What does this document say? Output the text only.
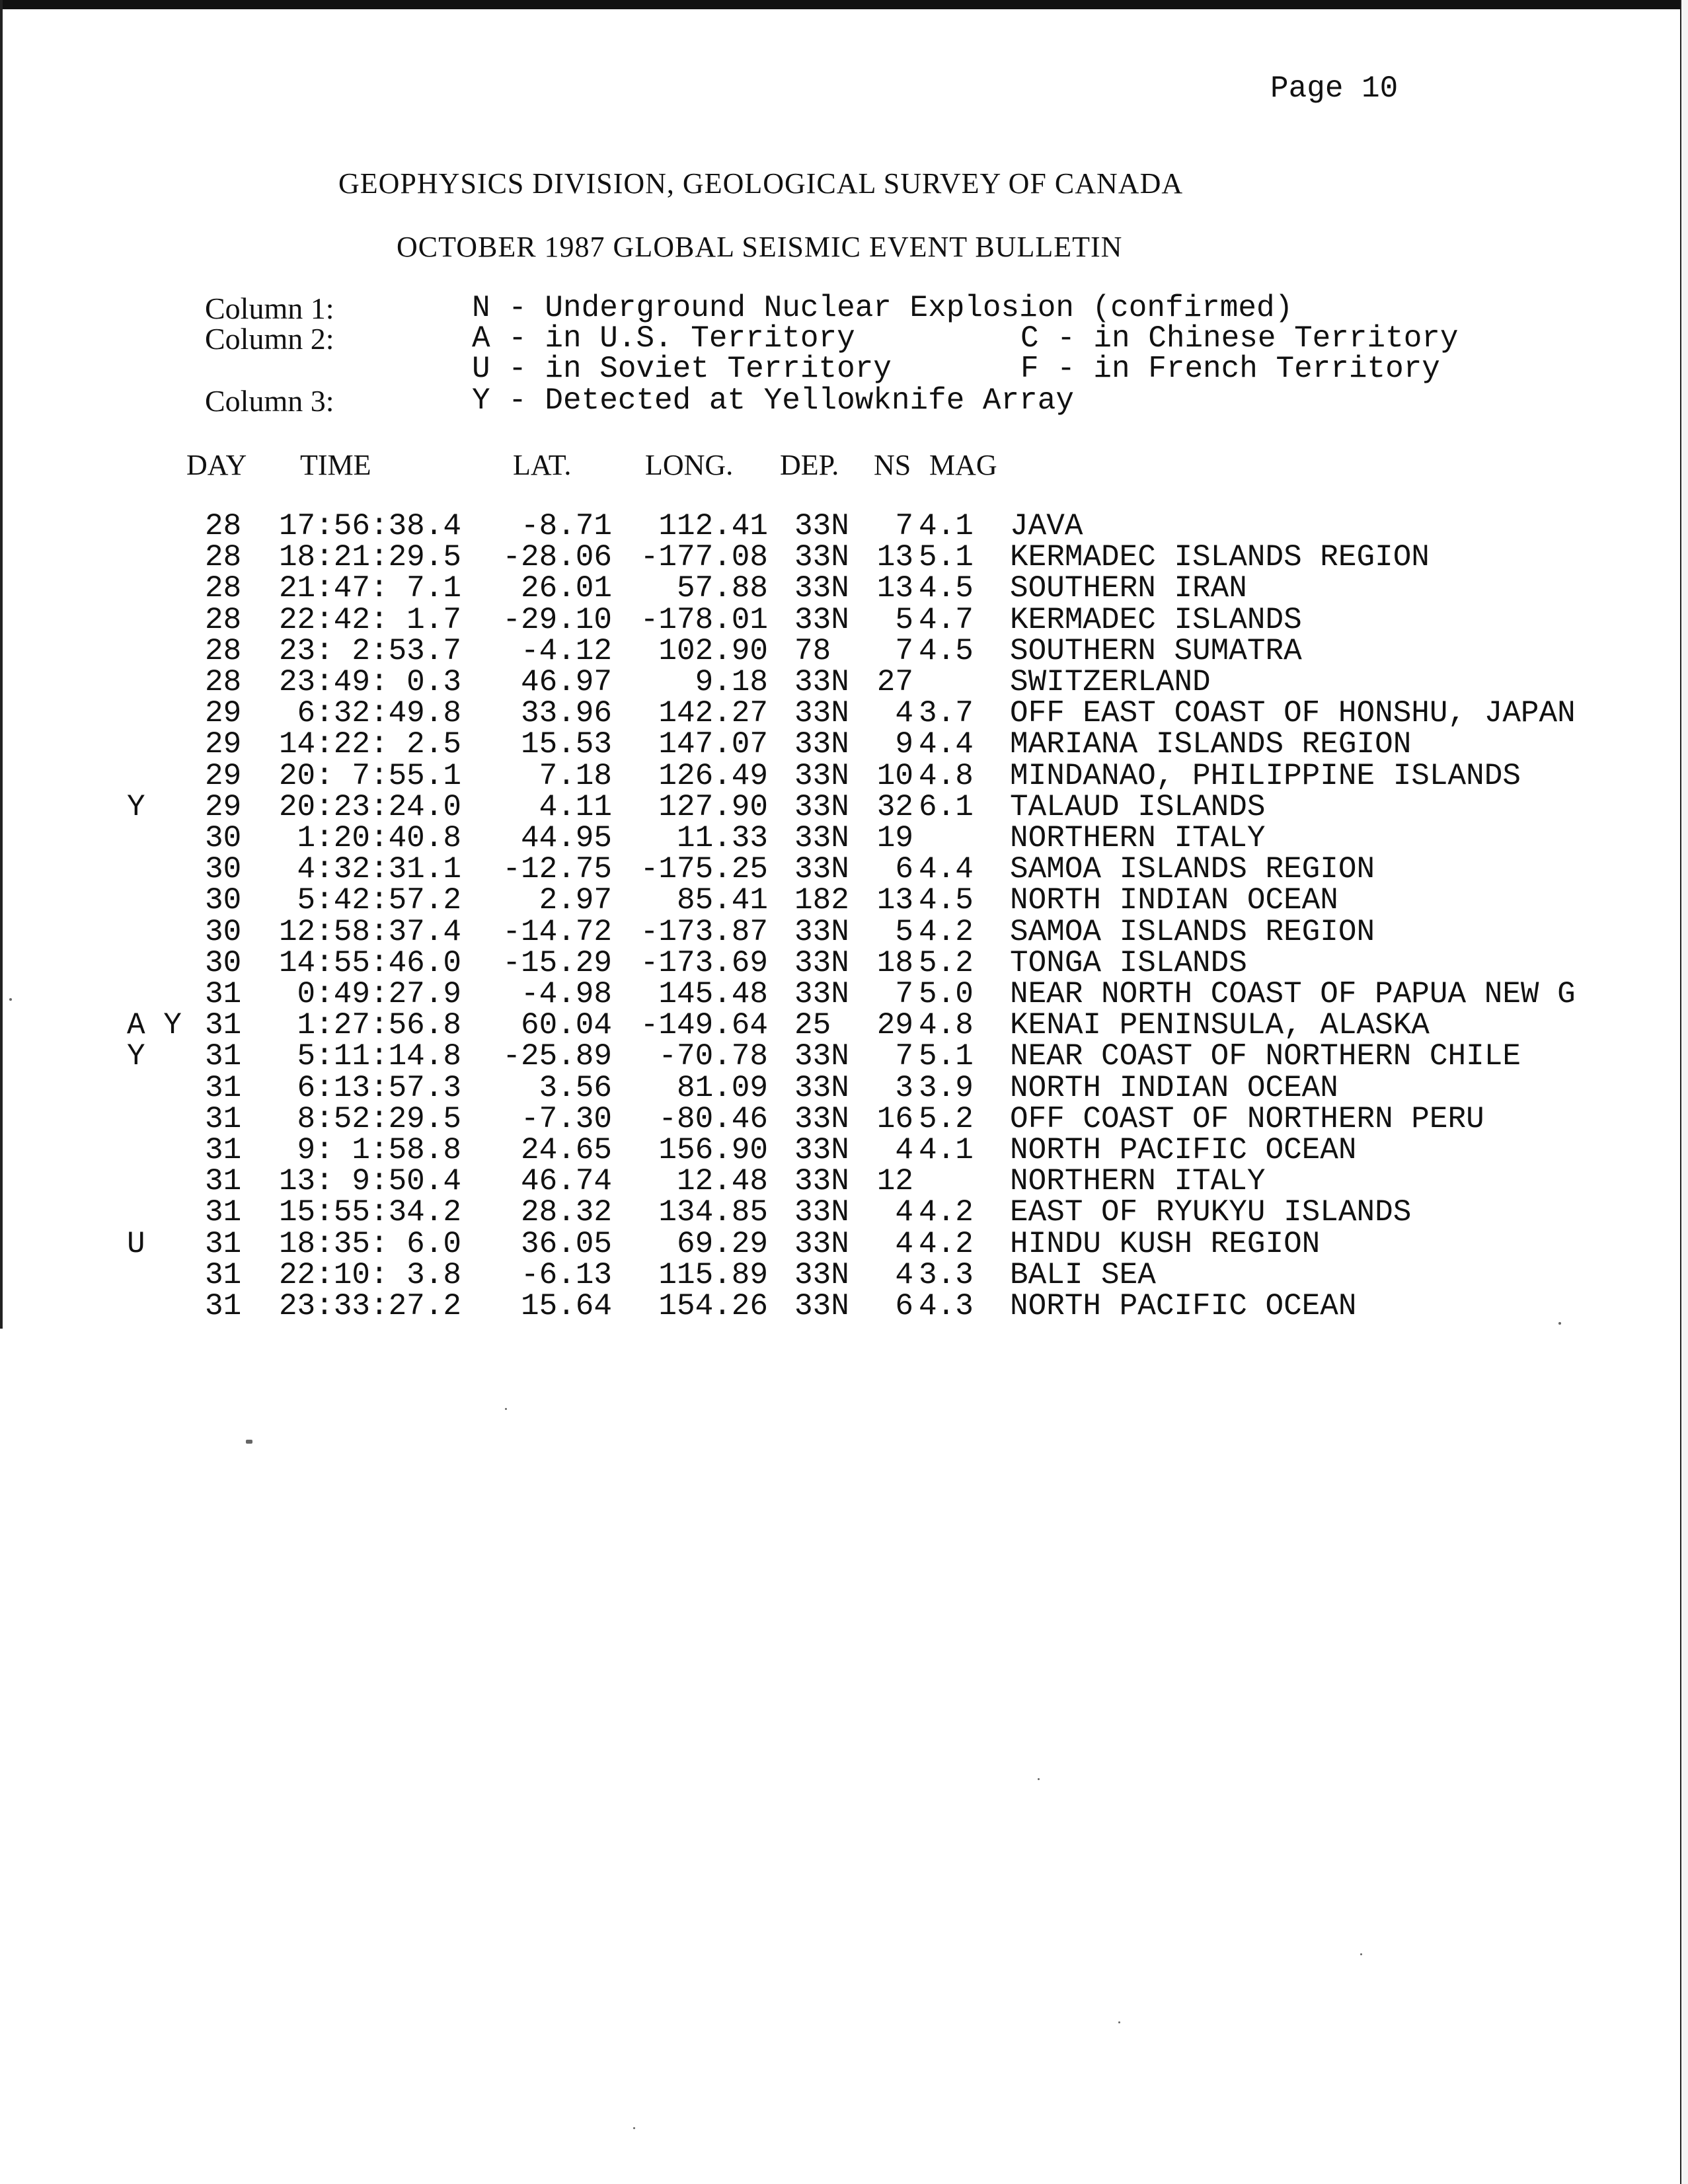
Page 10
GEOPHYSICS DIVISION, GEOLOGICAL SURVEY OF CANADA
OCTOBER 1987 GLOBAL SEISMIC EVENT BULLETIN
Column 1:	N - Underground Nuclear Explosion (confirmed)
Column 2:	A - in U.S. Territory	C - in Chinese Territory
U - in Soviet Territory	F - in French Territory
Column 3:	Y - Detected at Yellowknife Array
DAY TIME	LAT.	LONG. DEP. NS MAG
28	17:56:38.4	-8.71	112.41 33N	7 4.1 JAVA
28	18:21:29.5	-28.06 -177.08 33N 13 5.1 KERMADEC ISLANDS REGION
28	21:47: 7.1	26.01	57.88 33N 13 4.5 SOUTHERN IRAN
28	22:42: 1.7	-29.10 -178.01 33N	5 4.7 KERMADEC ISLANDS
28	23: 2:53.7	-4.12	102.90 78	7 4.5 SOUTHERN SUMATRA
28	23:49: 0.3	46.97	9.18 33N 27	SWITZERLAND
29	6:32:49.8	33.96	142.27 33N	4 3.7 OFF EAST COAST OF HONSHU, JAPAN
29	14:22: 2.5	15.53	147.07 33N	9 4.4 MARIANA ISLANDS REGION
29	20: 7:55.1	7.18	126.49 33N 10 4.8 MINDANAO, PHILIPPINE ISLANDS
Y 29	20:23:24.0	4.11	127.90 33N 32 6.1 TALAUD ISLANDS
30	1:20:40.8	44.95	11.33 33N 19	NORTHERN ITALY
30	4:32:31.1	-12.75 -175.25 33N	6 4.4 SAMOA ISLANDS REGION
30	5:42:57.2	2.97	85.41 182 13 4.5 NORTH INDIAN OCEAN
30	12:58:37.4	-14.72 -173.87 33N	5 4.2 SAMOA ISLANDS REGION
30	14:55:46.0	-15.29 -173.69 33N 18 5.2 TONGA ISLANDS
31	0:49:27.9	-4.98	145.48 33N	7 5.0 NEAR NORTH COAST OF PAPUA NEW G
A Y 31	1:27:56.8	60.04 -149.64 25 29 4.8 KENAI PENINSULA, ALASKA
Y 31	5:11:14.8	-25.89	-70.78 33N	7 5.1 NEAR COAST OF NORTHERN CHILE
31	6:13:57.3	3.56	81.09 33N	3 3.9 NORTH INDIAN OCEAN
31	8:52:29.5	-7.30	-80.46 33N 16 5.2 OFF COAST OF NORTHERN PERU
31	9: 1:58.8	24.65	156.90 33N	4 4.1 NORTH PACIFIC OCEAN
31	13: 9:50.4	46.74	12.48 33N 12	NORTHERN ITALY
31	15:55:34.2	28.32	134.85 33N	4 4.2 EAST OF RYUKYU ISLANDS
U 31	18:35: 6.0	36.05	69.29 33N	4 4.2 HINDU KUSH REGION
31	22:10: 3.8	-6.13	115.89 33N	4 3.3 BALI SEA
31	23:33:27.2	15.64	154.26 33N	6 4.3 NORTH PACIFIC OCEAN
